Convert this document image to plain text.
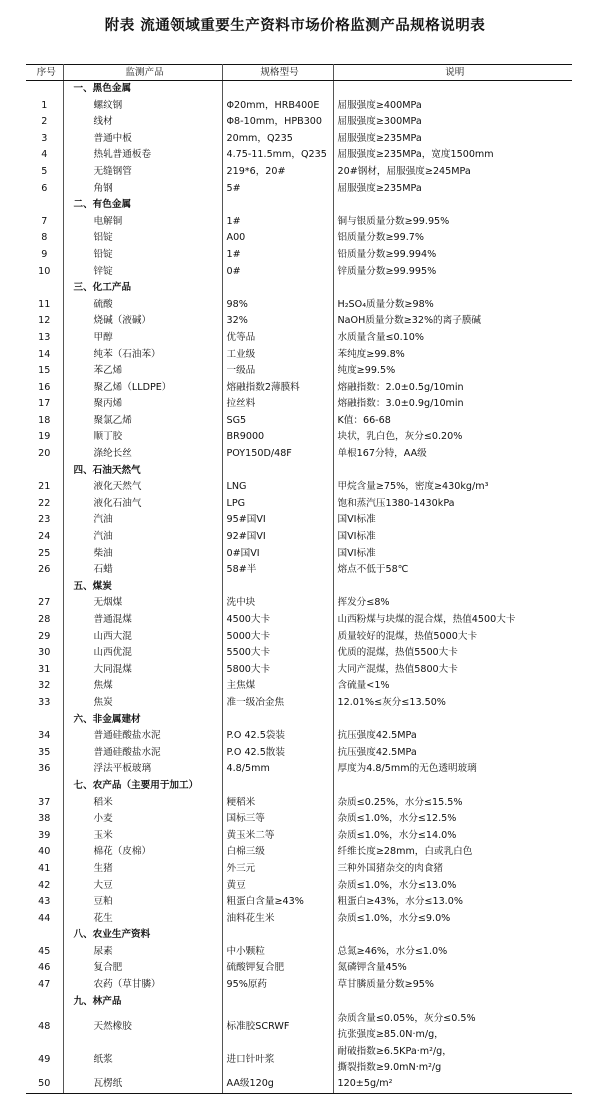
附表 流通领域重要生产资料市场价格监测产品规格说明表
序号	监测产品	规格型号	说明
	一、黑色金属		
1	螺纹钢	Φ20mm，HRB400E	屈服强度≥400MPa
2	线材	Φ8-10mm，HPB300	屈服强度≥300MPa
3	普通中板	20mm，Q235	屈服强度≥235MPa
4	热轧普通板卷	4.75-11.5mm，Q235	屈服强度≥235MPa，宽度1500mm
5	无缝钢管	219*6，20#	20#钢材，屈服强度≥245MPa
6	角钢	5#	屈服强度≥235MPa
	二、有色金属		
7	电解铜	1#	铜与银质量分数≥99.95%
8	铝锭	A00	铝质量分数≥99.7%
9	铅锭	1#	铅质量分数≥99.994%
10	锌锭	0#	锌质量分数≥99.995%
	三、化工产品		
11	硫酸	98%	H₂SO₄质量分数≥98%
12	烧碱（液碱）	32%	NaOH质量分数≥32%的离子膜碱
13	甲醇	优等品	水质量含量≤0.10%
14	纯苯（石油苯）	工业级	苯纯度≥99.8%
15	苯乙烯	一级品	纯度≥99.5%
16	聚乙烯（LLDPE）	熔融指数2薄膜料	熔融指数：2.0±0.5g/10min
17	聚丙烯	拉丝料	熔融指数：3.0±0.9g/10min
18	聚氯乙烯	SG5	K值：66-68
19	顺丁胶	BR9000	块状，乳白色，灰分≤0.20%
20	涤纶长丝	POY150D/48F	单根167分特，AA级
	四、石油天然气		
21	液化天然气	LNG	甲烷含量≥75%，密度≥430kg/m³
22	液化石油气	LPG	饱和蒸汽压1380-1430kPa
23	汽油	95#国VI	国VI标准
24	汽油	92#国VI	国VI标准
25	柴油	0#国VI	国VI标准
26	石蜡	58#半	熔点不低于58℃
	五、煤炭		
27	无烟煤	洗中块	挥发分≤8%
28	普通混煤	4500大卡	山西粉煤与块煤的混合煤，热值4500大卡
29	山西大混	5000大卡	质量较好的混煤，热值5000大卡
30	山西优混	5500大卡	优质的混煤，热值5500大卡
31	大同混煤	5800大卡	大同产混煤，热值5800大卡
32	焦煤	主焦煤	含硫量<1%
33	焦炭	准一级冶金焦	12.01%≤灰分≤13.50%
	六、非金属建材		
34	普通硅酸盐水泥	P.O 42.5袋装	抗压强度42.5MPa
35	普通硅酸盐水泥	P.O 42.5散装	抗压强度42.5MPa
36	浮法平板玻璃	4.8/5mm	厚度为4.8/5mm的无色透明玻璃
	七、农产品（主要用于加工）		
37	稻米	粳稻米	杂质≤0.25%，水分≤15.5%
38	小麦	国标三等	杂质≤1.0%，水分≤12.5%
39	玉米	黄玉米二等	杂质≤1.0%，水分≤14.0%
40	棉花（皮棉）	白棉三级	纤维长度≥28mm，白或乳白色
41	生猪	外三元	三种外国猪杂交的肉食猪
42	大豆	黄豆	杂质≤1.0%，水分≤13.0%
43	豆粕	粗蛋白含量≥43%	粗蛋白≥43%，水分≤13.0%
44	花生	油料花生米	杂质≤1.0%，水分≤9.0%
	八、农业生产资料		
45	尿素	中小颗粒	总氮≥46%，水分≤1.0%
46	复合肥	硫酸钾复合肥	氮磷钾含量45%
47	农药（草甘膦）	95%原药	草甘膦质量分数≥95%
	九、林产品		
48	天然橡胶	标准胶SCRWF	杂质含量≤0.05%，灰分≤0.5%
抗张强度≥85.0N·m/g，

49	纸浆	进口针叶浆	耐破指数≥6.5KPa·m²/g，
撕裂指数≥9.0mN·m²/g

50	瓦楞纸	AA级120g	120±5g/m²
